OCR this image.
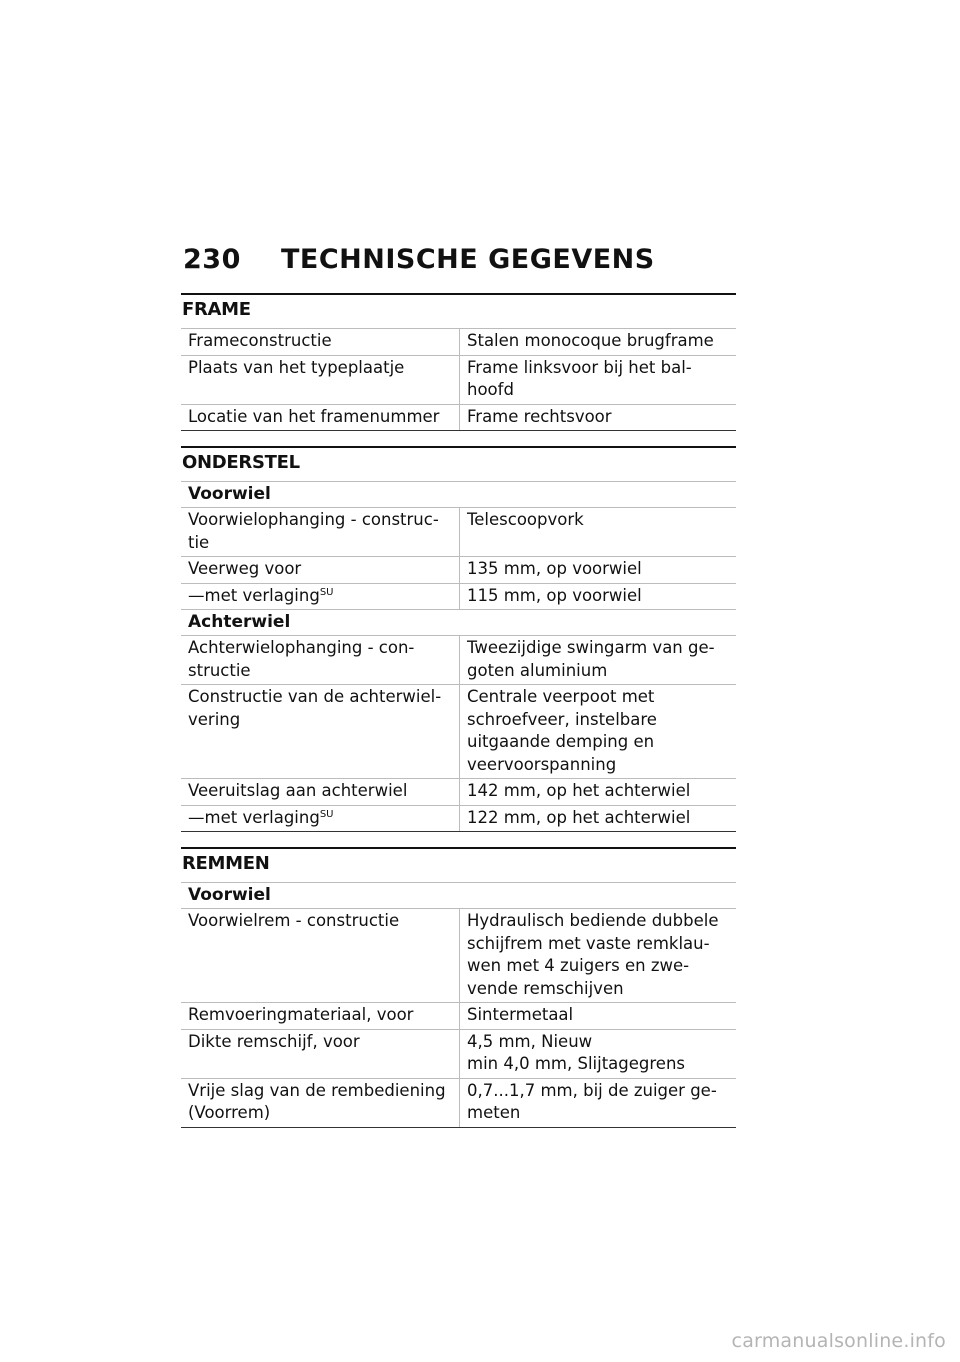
230 TECHNISCHE GEGEVENS
FRAME
Frameconstructie	Stalen monocoque brugframe
Plaats van het typeplaatje	Frame linksvoor bij het bal-
hoofd
Locatie van het framenummer	Frame rechtsvoor
ONDERSTEL
Voorwiel
Voorwielophanging - construc-
tie	Telescoopvork
Veerweg voor	135 mm, op voorwiel
—met verlaging$^{SU}$	115 mm, op voorwiel
Achterwiel
Achterwielophanging - con-
structie	Tweezijdige swingarm van ge-
goten aluminium
Constructie van de achterwiel-
vering	Centrale veerpoot met
schroefveer, instelbare
uitgaande demping en
veervoorspanning
Veeruitslag aan achterwiel	142 mm, op het achterwiel
—met verlaging$^{SU}$	122 mm, op het achterwiel
REMMEN
Voorwiel
Voorwielrem - constructie	Hydraulisch bediende dubbele
schijfrem met vaste remklau-
wen met 4 zuigers en zwe-
vende remschijven
Remvoeringmateriaal, voor	Sintermetaal
Dikte remschijf, voor	4,5 mm, Nieuw
min 4,0 mm, Slijtagegrens
Vrije slag van de rembediening
(Voorrem)	0,7...1,7 mm, bij de zuiger ge-
meten
carmanualsonline.info
